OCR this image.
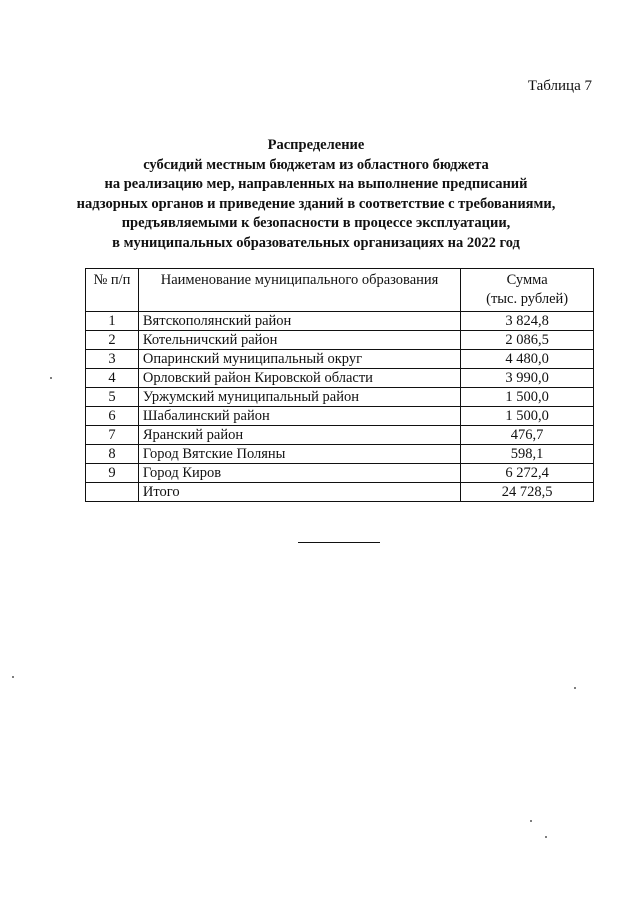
Таблица 7
Распределение
субсидий местным бюджетам из областного бюджета
на реализацию мер, направленных на выполнение предписаний
надзорных органов и приведение зданий в соответствие с требованиями,
предъявляемыми к безопасности в процессе эксплуатации,
в муниципальных образовательных организациях на 2022 год
№ п/п	Наименование муниципального образования	Сумма
(тыс. рублей)

1	Вятскополянский район	3 824,8
2	Котельничский район	2 086,5
3	Опаринский муниципальный округ	4 480,0
4	Орловский район Кировской области	3 990,0
5	Уржумский муниципальный район	1 500,0
6	Шабалинский район	1 500,0
7	Яранский район	476,7
8	Город Вятские Поляны	598,1
9	Город Киров	6 272,4
	Итого	24 728,5
